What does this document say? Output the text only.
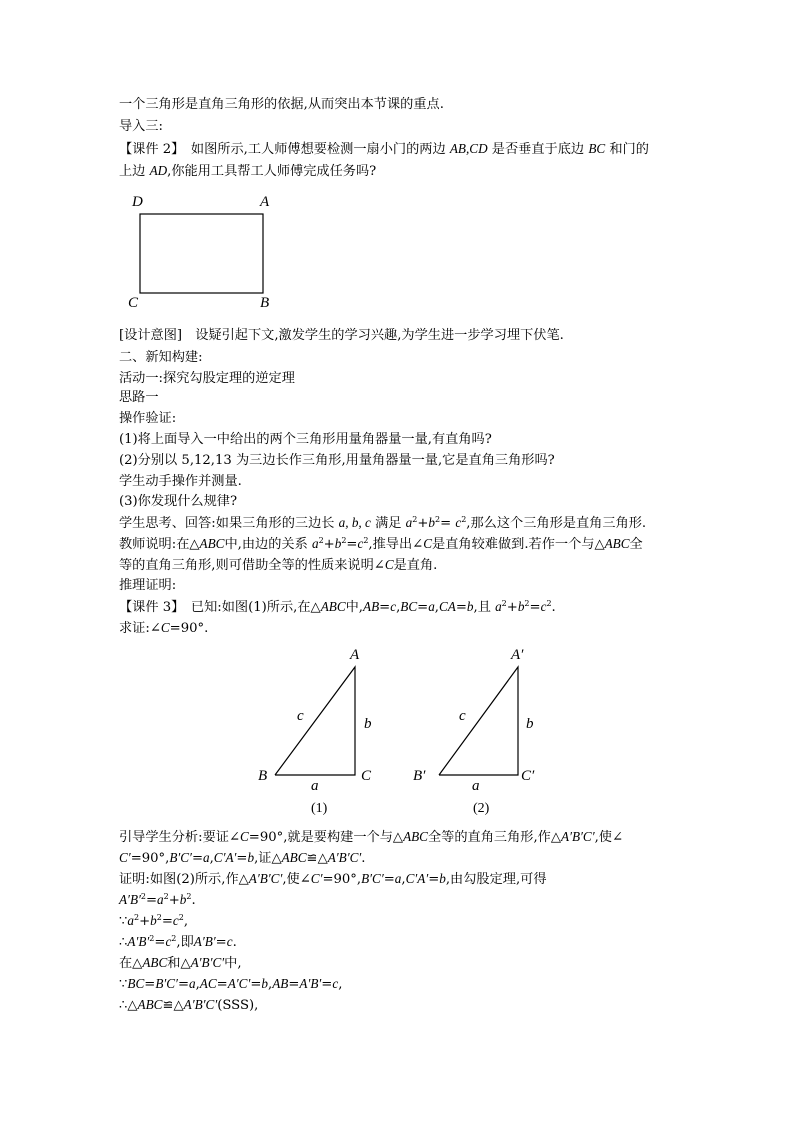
一个三角形是直角三角形的依据,从而突出本节课的重点.
导入三:
【课件 2】　如图所示,工人师傅想要检测一扇小门的两边 AB,CD 是否垂直于底边 BC 和门的
上边 AD,你能用工具帮工人师傅完成任务吗?
D	A
C	B
[设计意图]　设疑引起下文,激发学生的学习兴趣,为学生进一步学习埋下伏笔.
二、新知构建:
活动一:探究勾股定理的逆定理
思路一
操作验证:
(1)将上面导入一中给出的两个三角形用量角器量一量,有直角吗?
(2)分别以 5,12,13 为三边长作三角形,用量角器量一量,它是直角三角形吗?
学生动手操作并测量.
(3)你发现什么规律?
学生思考、回答:如果三角形的三边长 a, b, c 满足 $a^2+b^2= c^2$,那么这个三角形是直角三角形.
教师说明:在△ABC中,由边的关系 $a^2+b^2=c^2$,推导出∠C是直角较难做到.若作一个与△ABC全
等的直角三角形,则可借助全等的性质来说明∠C是直角.
推理证明:
【课件 3】　已知:如图(1)所示,在△ABC中,AB=c,BC=a,CA=b,且 $a^2+b^2=c^2$.
求证:∠C=90°.
A
B	C
c	b
a
(1)
A′
B′	C′
c	b
a
(2)
引导学生分析:要证∠C=90°,就是要构建一个与△ABC全等的直角三角形,作△A′B′C′,使∠
C′=90°,B′C′=a,C′A′=b,证△ABC≌△A′B′C′.
证明:如图(2)所示,作△A′B′C′,使∠C′=90°,B′C′=a,C′A′=b,由勾股定理,可得
$A'B'^2=a^2+b^2$.
$\because a^2+b^2=c^2$,
$\therefore A'B'^2=c^2$,即A′B′=c.
在△ABC和△A′B′C′中,
∵BC=B′C′=a,AC=A′C′=b,AB=A′B′=c,
∴△ABC≌△A′B′C′(SSS),
